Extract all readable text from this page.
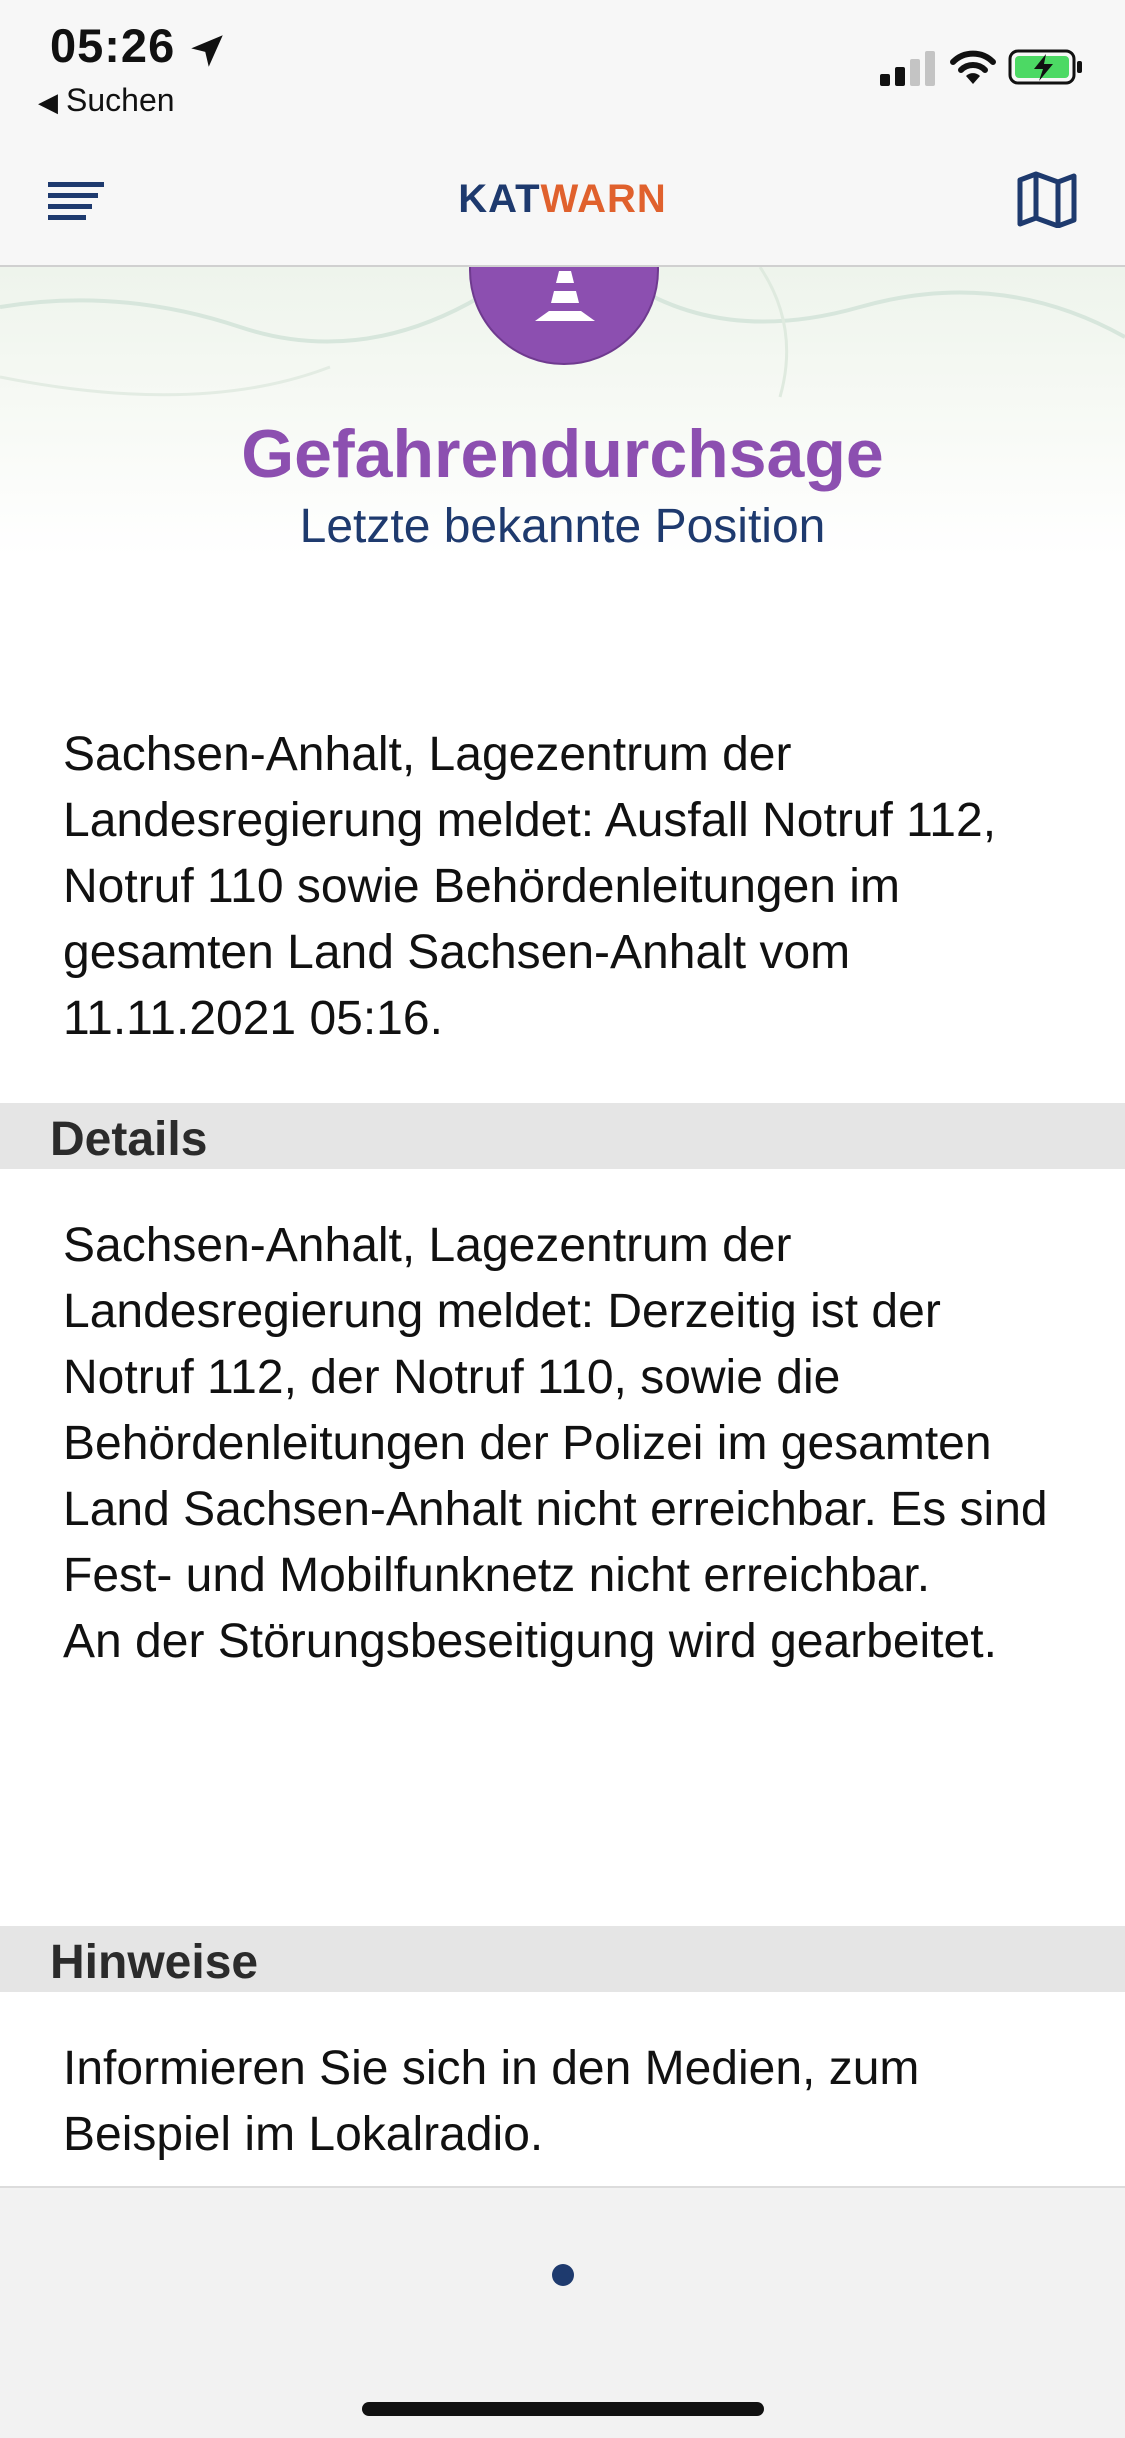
05:26
◀ Suchen
KATWARN
Gefahrendurchsage
Letzte bekannte Position
Sachsen-Anhalt, Lagezentrum der Landesregierung meldet: Ausfall Notruf 112, Notruf 110 sowie Behördenleitungen im gesamten Land Sachsen-Anhalt vom 11.11.2021 05:16.
Details

Sachsen-Anhalt, Lagezentrum der Landesregierung meldet: Derzeitig ist der Notruf 112, der Notruf 110, sowie die Behördenleitungen der Polizei im gesamten Land Sachsen-Anhalt nicht erreichbar. Es sind Fest- und Mobilfunknetz nicht erreichbar.

An der Störungsbeseitigung wird gearbeitet.

Hinweise
Informieren Sie sich in den Medien, zum Beispiel im Lokalradio.
